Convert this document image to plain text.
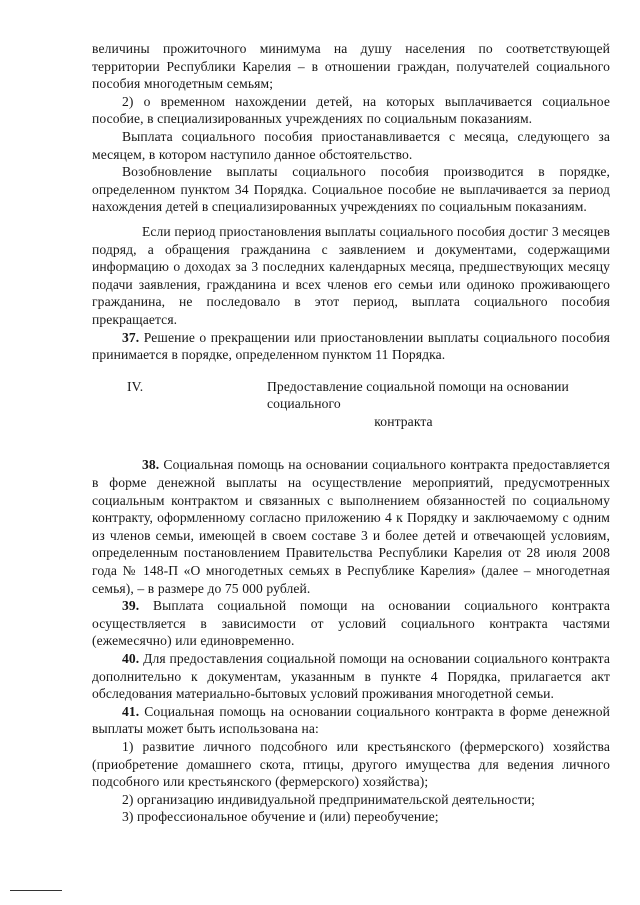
величины прожиточного минимума на душу населения по соответствующей территории Республики Карелия – в отношении граждан, получателей социального пособия многодетным семьям;

2) о временном нахождении детей, на которых выплачивается социальное пособие, в специализированных учреждениях по социальным показаниям.

Выплата социального пособия приостанавливается с месяца, следующего за месяцем, в котором наступило данное обстоятельство.

Возобновление выплаты социального пособия производится в порядке, определенном пунктом 34 Порядка. Социальное пособие не выплачивается за период нахождения детей в специализированных учреждениях по социальным показаниям.

Если период приостановления выплаты социального пособия достиг 3 месяцев подряд, а обращения гражданина с заявлением и документами, содержащими информацию о доходах за 3 последних календарных месяца, предшествующих месяцу подачи заявления, гражданина и всех членов его семьи или одиноко проживающего гражданина, не последовало в этот период, выплата социального пособия прекращается.

37. Решение о прекращении или приостановлении выплаты социального пособия принимается в порядке, определенном пунктом 11 Порядка.

IV.	Предоставление социальной помощи на основании социального
контракта

38. Социальная помощь на основании социального контракта предоставляется в форме денежной выплаты на осуществление мероприятий, предусмотренных социальным контрактом и связанных с выполнением обязанностей по социальному контракту, оформленному согласно приложению 4 к Порядку и заключаемому с одним из членов семьи, имеющей в своем составе 3 и более детей и отвечающей условиям, определенным постановлением Правительства Республики Карелия от 28 июля 2008 года № 148-П «О многодетных семьях в Республике Карелия» (далее – многодетная семья), – в размере до 75 000 рублей.

39. Выплата социальной помощи на основании социального контракта осуществляется в зависимости от условий социального контракта частями (ежемесячно) или единовременно.

40. Для предоставления социальной помощи на основании социального контракта дополнительно к документам, указанным в пункте 4 Порядка, прилагается акт обследования материально-бытовых условий проживания многодетной семьи.

41. Социальная помощь на основании социального контракта в форме денежной выплаты может быть использована на:

1) развитие личного подсобного или крестьянского (фермерского) хозяйства (приобретение домашнего скота, птицы, другого имущества для ведения личного подсобного или крестьянского (фермерского) хозяйства);

2) организацию индивидуальной предпринимательской деятельности;

3) профессиональное обучение и (или) переобучение;
